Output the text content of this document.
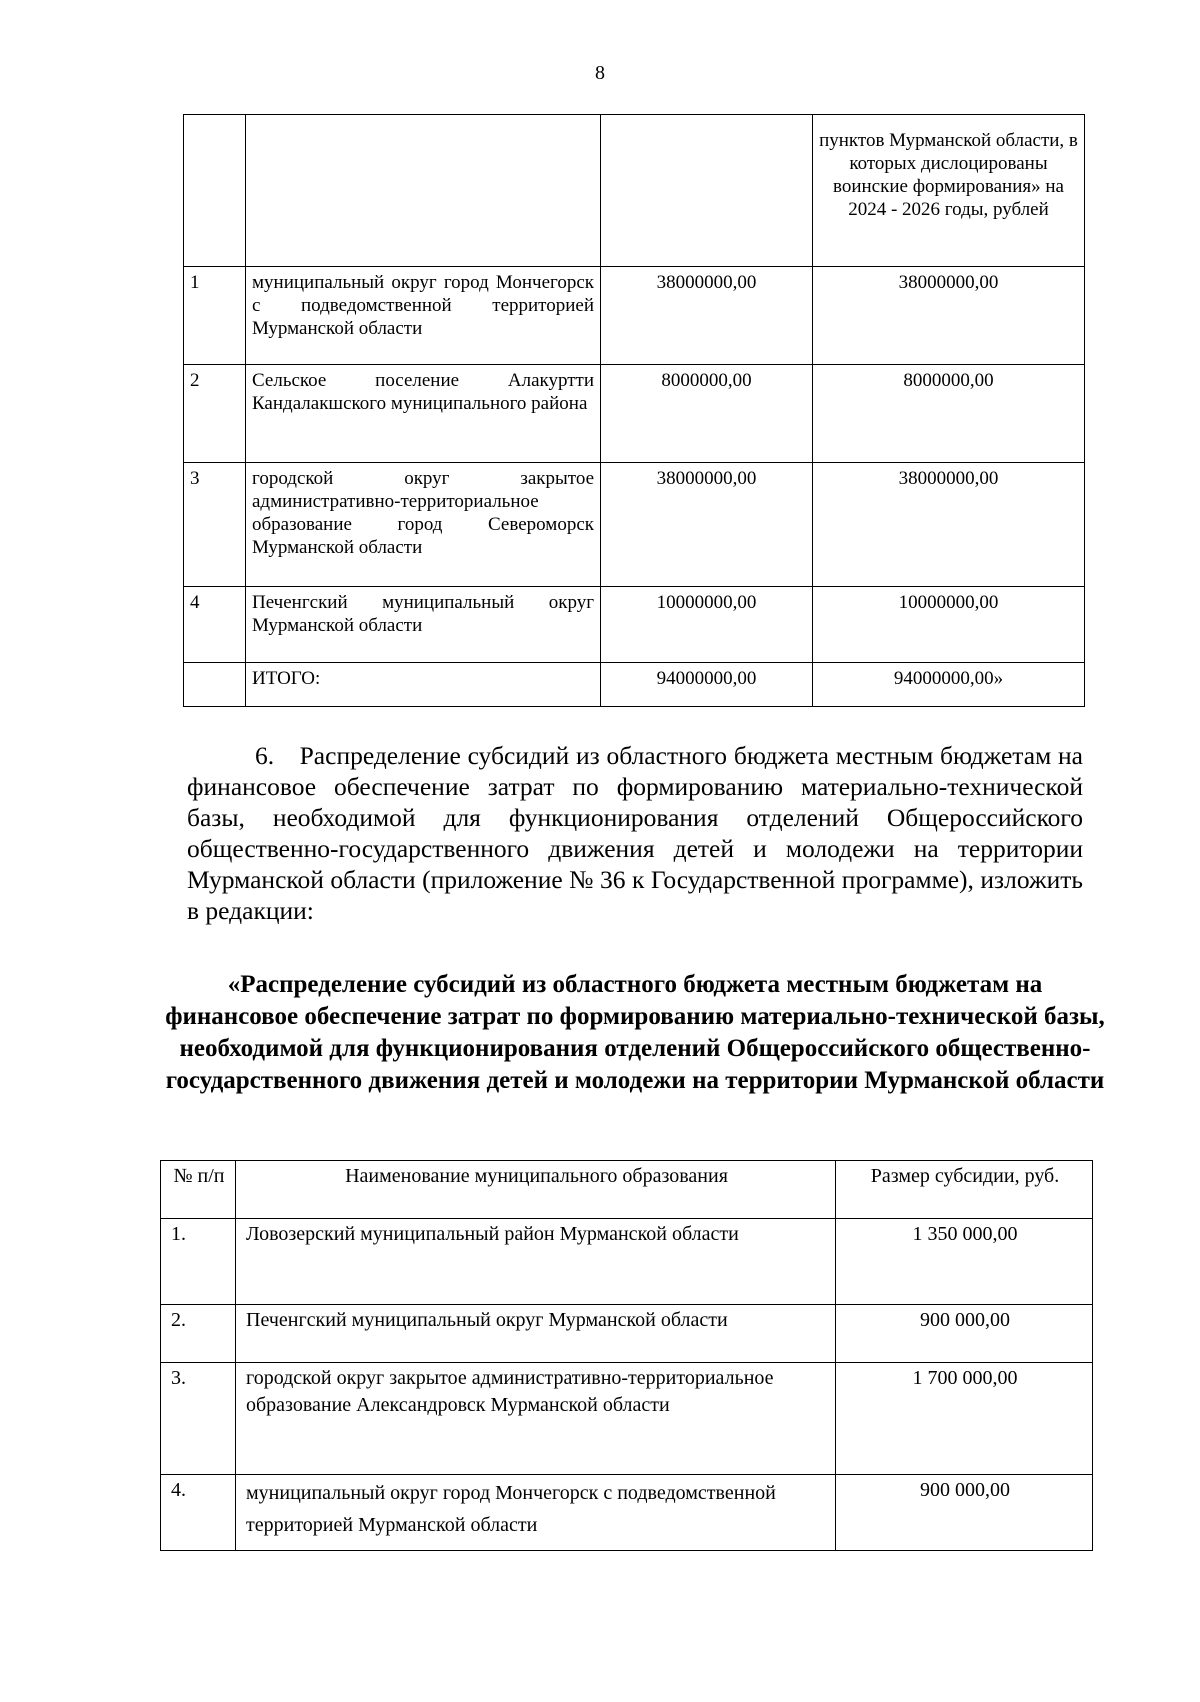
8
			пунктов Мурманской области, в которых дислоцированы воинские формирования» на 2024 - 2026 годы, рублей
1	муниципальный округ город Мончегорск с подведомственной территорией Мурманской области	38000000,00	38000000,00
2	Сельское поселение Алакуртти Кандалакшского муниципального района	8000000,00	8000000,00
3	городской округ закрытое административно-территориальное образование город Североморск Мурманской области	38000000,00	38000000,00
4	Печенгский муниципальный округ Мурманской области	10000000,00	10000000,00
	ИТОГО:	94000000,00	94000000,00»
6. Распределение субсидий из областного бюджета местным бюджетам на финансовое обеспечение затрат по формированию материально-технической базы, необходимой для функционирования отделений Общероссийского общественно-государственного движения детей и молодежи на территории Мурманской области (приложение № 36 к Государственной программе), изложить в редакции:
«Распределение субсидий из областного бюджета местным бюджетам на финансовое обеспечение затрат по формированию материально-технической базы, необходимой для функционирования отделений Общероссийского общественно-государственного движения детей и молодежи на территории Мурманской области
№ п/п	Наименование муниципального образования	Размер субсидии, руб.
1.	Ловозерский муниципальный район Мурманской области	1 350 000,00
2.	Печенгский муниципальный округ Мурманской области	900 000,00
3.	городской округ закрытое административно-территориальное образование Александровск Мурманской области	1 700 000,00
4.	муниципальный округ город Мончегорск с подведомственной территорией Мурманской области	900 000,00
